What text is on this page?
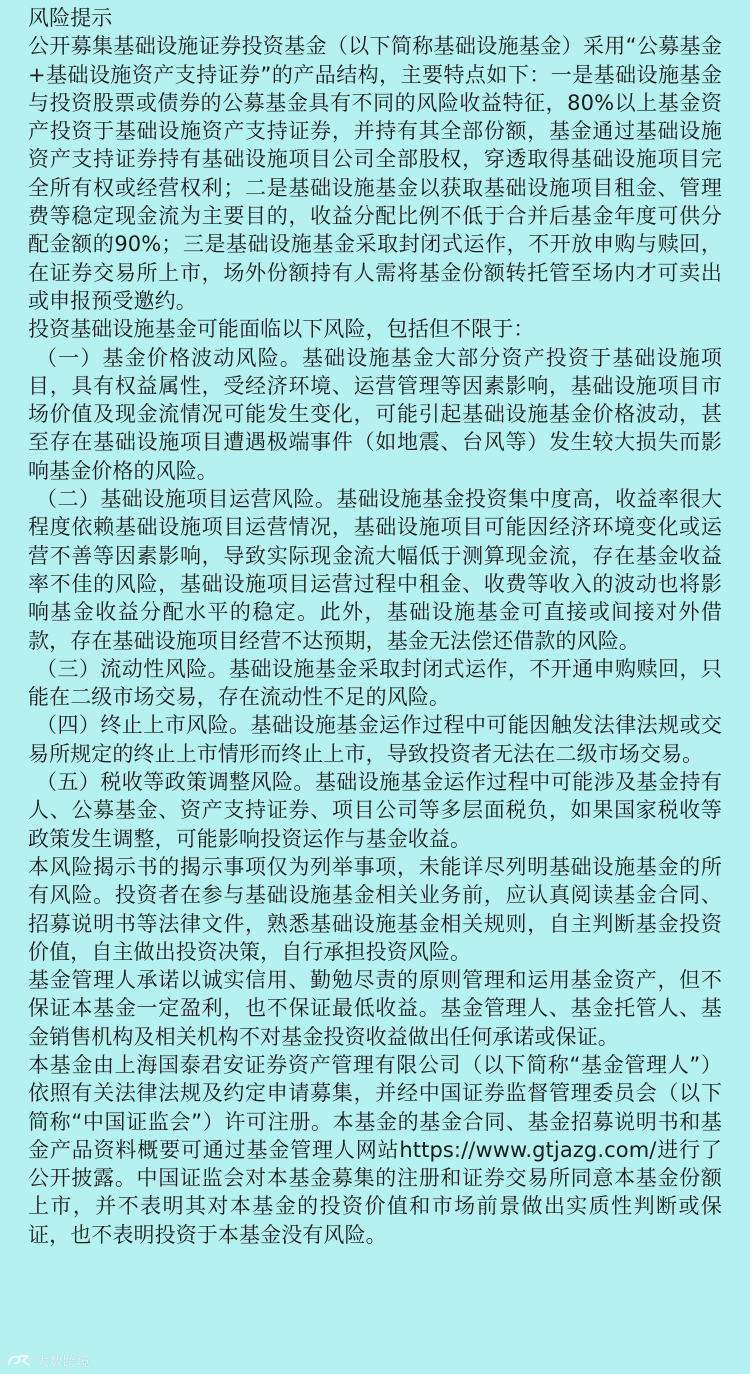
风险提示

公开募集基础设施证券投资基金（以下简称基础设施基金）采用“公募基金+基础设施资产支持证券”的产品结构，主要特点如下：一是基础设施基金与投资股票或债券的公募基金具有不同的风险收益特征，80%以上基金资产投资于基础设施资产支持证券，并持有其全部份额，基金通过基础设施资产支持证券持有基础设施项目公司全部股权，穿透取得基础设施项目完全所有权或经营权利；二是基础设施基金以获取基础设施项目租金、管理费等稳定现金流为主要目的，收益分配比例不低于合并后基金年度可供分配金额的90%；三是基础设施基金采取封闭式运作，不开放申购与赎回，在证券交易所上市，场外份额持有人需将基金份额转托管至场内才可卖出或申报预受邀约。

投资基础设施基金可能面临以下风险，包括但不限于：

（一）基金价格波动风险。基础设施基金大部分资产投资于基础设施项目，具有权益属性，受经济环境、运营管理等因素影响，基础设施项目市场价值及现金流情况可能发生变化，可能引起基础设施基金价格波动，甚至存在基础设施项目遭遇极端事件（如地震、台风等）发生较大损失而影响基金价格的风险。

（二）基础设施项目运营风险。基础设施基金投资集中度高，收益率很大程度依赖基础设施项目运营情况，基础设施项目可能因经济环境变化或运营不善等因素影响，导致实际现金流大幅低于测算现金流，存在基金收益率不佳的风险，基础设施项目运营过程中租金、收费等收入的波动也将影响基金收益分配水平的稳定。此外，基础设施基金可直接或间接对外借款，存在基础设施项目经营不达预期，基金无法偿还借款的风险。

（三）流动性风险。基础设施基金采取封闭式运作，不开通申购赎回，只能在二级市场交易，存在流动性不足的风险。

（四）终止上市风险。基础设施基金运作过程中可能因触发法律法规或交易所规定的终止上市情形而终止上市，导致投资者无法在二级市场交易。

（五）税收等政策调整风险。基础设施基金运作过程中可能涉及基金持有人、公募基金、资产支持证券、项目公司等多层面税负，如果国家税收等政策发生调整，可能影响投资运作与基金收益。

本风险揭示书的揭示事项仅为列举事项，未能详尽列明基础设施基金的所有风险。投资者在参与基础设施基金相关业务前，应认真阅读基金合同、招募说明书等法律文件，熟悉基础设施基金相关规则，自主判断基金投资价值，自主做出投资决策，自行承担投资风险。

基金管理人承诺以诚实信用、勤勉尽责的原则管理和运用基金资产，但不保证本基金一定盈利，也不保证最低收益。基金管理人、基金托管人、基金销售机构及相关机构不对基金投资收益做出任何承诺或保证。

本基金由上海国泰君安证券资产管理有限公司（以下简称“基金管理人”）依照有关法律法规及约定申请募集，并经中国证券监督管理委员会（以下简称“中国证监会”）许可注册。本基金的基金合同、基金招募说明书和基金产品资料概要可通过基金管理人网站https://www.gtjazg.com/进行了公开披露。中国证监会对本基金募集的注册和证券交易所同意本基金份额上市，并不表明其对本基金的投资价值和市场前景做出实质性判断或保证，也不表明投资于本基金没有风险。

大数跨境
